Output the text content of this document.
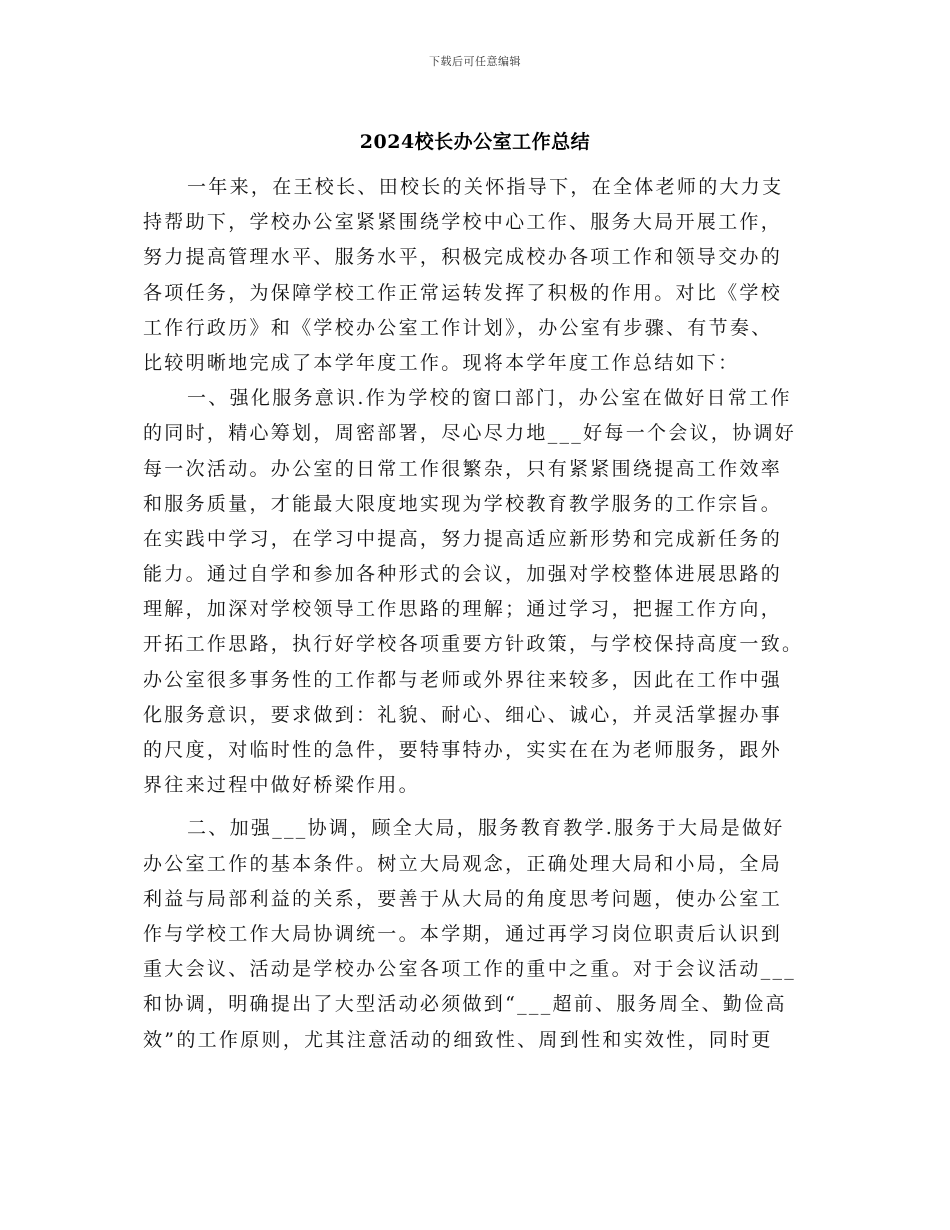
下载后可任意编辑
2024校长办公室工作总结
一年来，在王校长、田校长的关怀指导下，在全体老师的大力支
持帮助下，学校办公室紧紧围绕学校中心工作、服务大局开展工作，
努力提高管理水平、服务水平，积极完成校办各项工作和领导交办的
各项任务，为保障学校工作正常运转发挥了积极的作用。对比《学校
工作行政历》和《学校办公室工作计划》，办公室有步骤、有节奏、
比较明晰地完成了本学年度工作。现将本学年度工作总结如下：
一、强化服务意识.作为学校的窗口部门，办公室在做好日常工作
的同时，精心筹划，周密部署，尽心尽力地___好每一个会议，协调好
每一次活动。办公室的日常工作很繁杂，只有紧紧围绕提高工作效率
和服务质量，才能最大限度地实现为学校教育教学服务的工作宗旨。
在实践中学习，在学习中提高，努力提高适应新形势和完成新任务的
能力。通过自学和参加各种形式的会议，加强对学校整体进展思路的
理解，加深对学校领导工作思路的理解；通过学习，把握工作方向，
开拓工作思路，执行好学校各项重要方针政策，与学校保持高度一致。
办公室很多事务性的工作都与老师或外界往来较多，因此在工作中强
化服务意识，要求做到：礼貌、耐心、细心、诚心，并灵活掌握办事
的尺度，对临时性的急件，要特事特办，实实在在为老师服务，跟外
界往来过程中做好桥梁作用。
二、加强___协调，顾全大局，服务教育教学.服务于大局是做好
办公室工作的基本条件。树立大局观念，正确处理大局和小局，全局
利益与局部利益的关系，要善于从大局的角度思考问题，使办公室工
作与学校工作大局协调统一。本学期，通过再学习岗位职责后认识到
重大会议、活动是学校办公室各项工作的重中之重。对于会议活动___
和协调，明确提出了大型活动必须做到“___超前、服务周全、勤俭高
效”的工作原则，尤其注意活动的细致性、周到性和实效性，同时更
